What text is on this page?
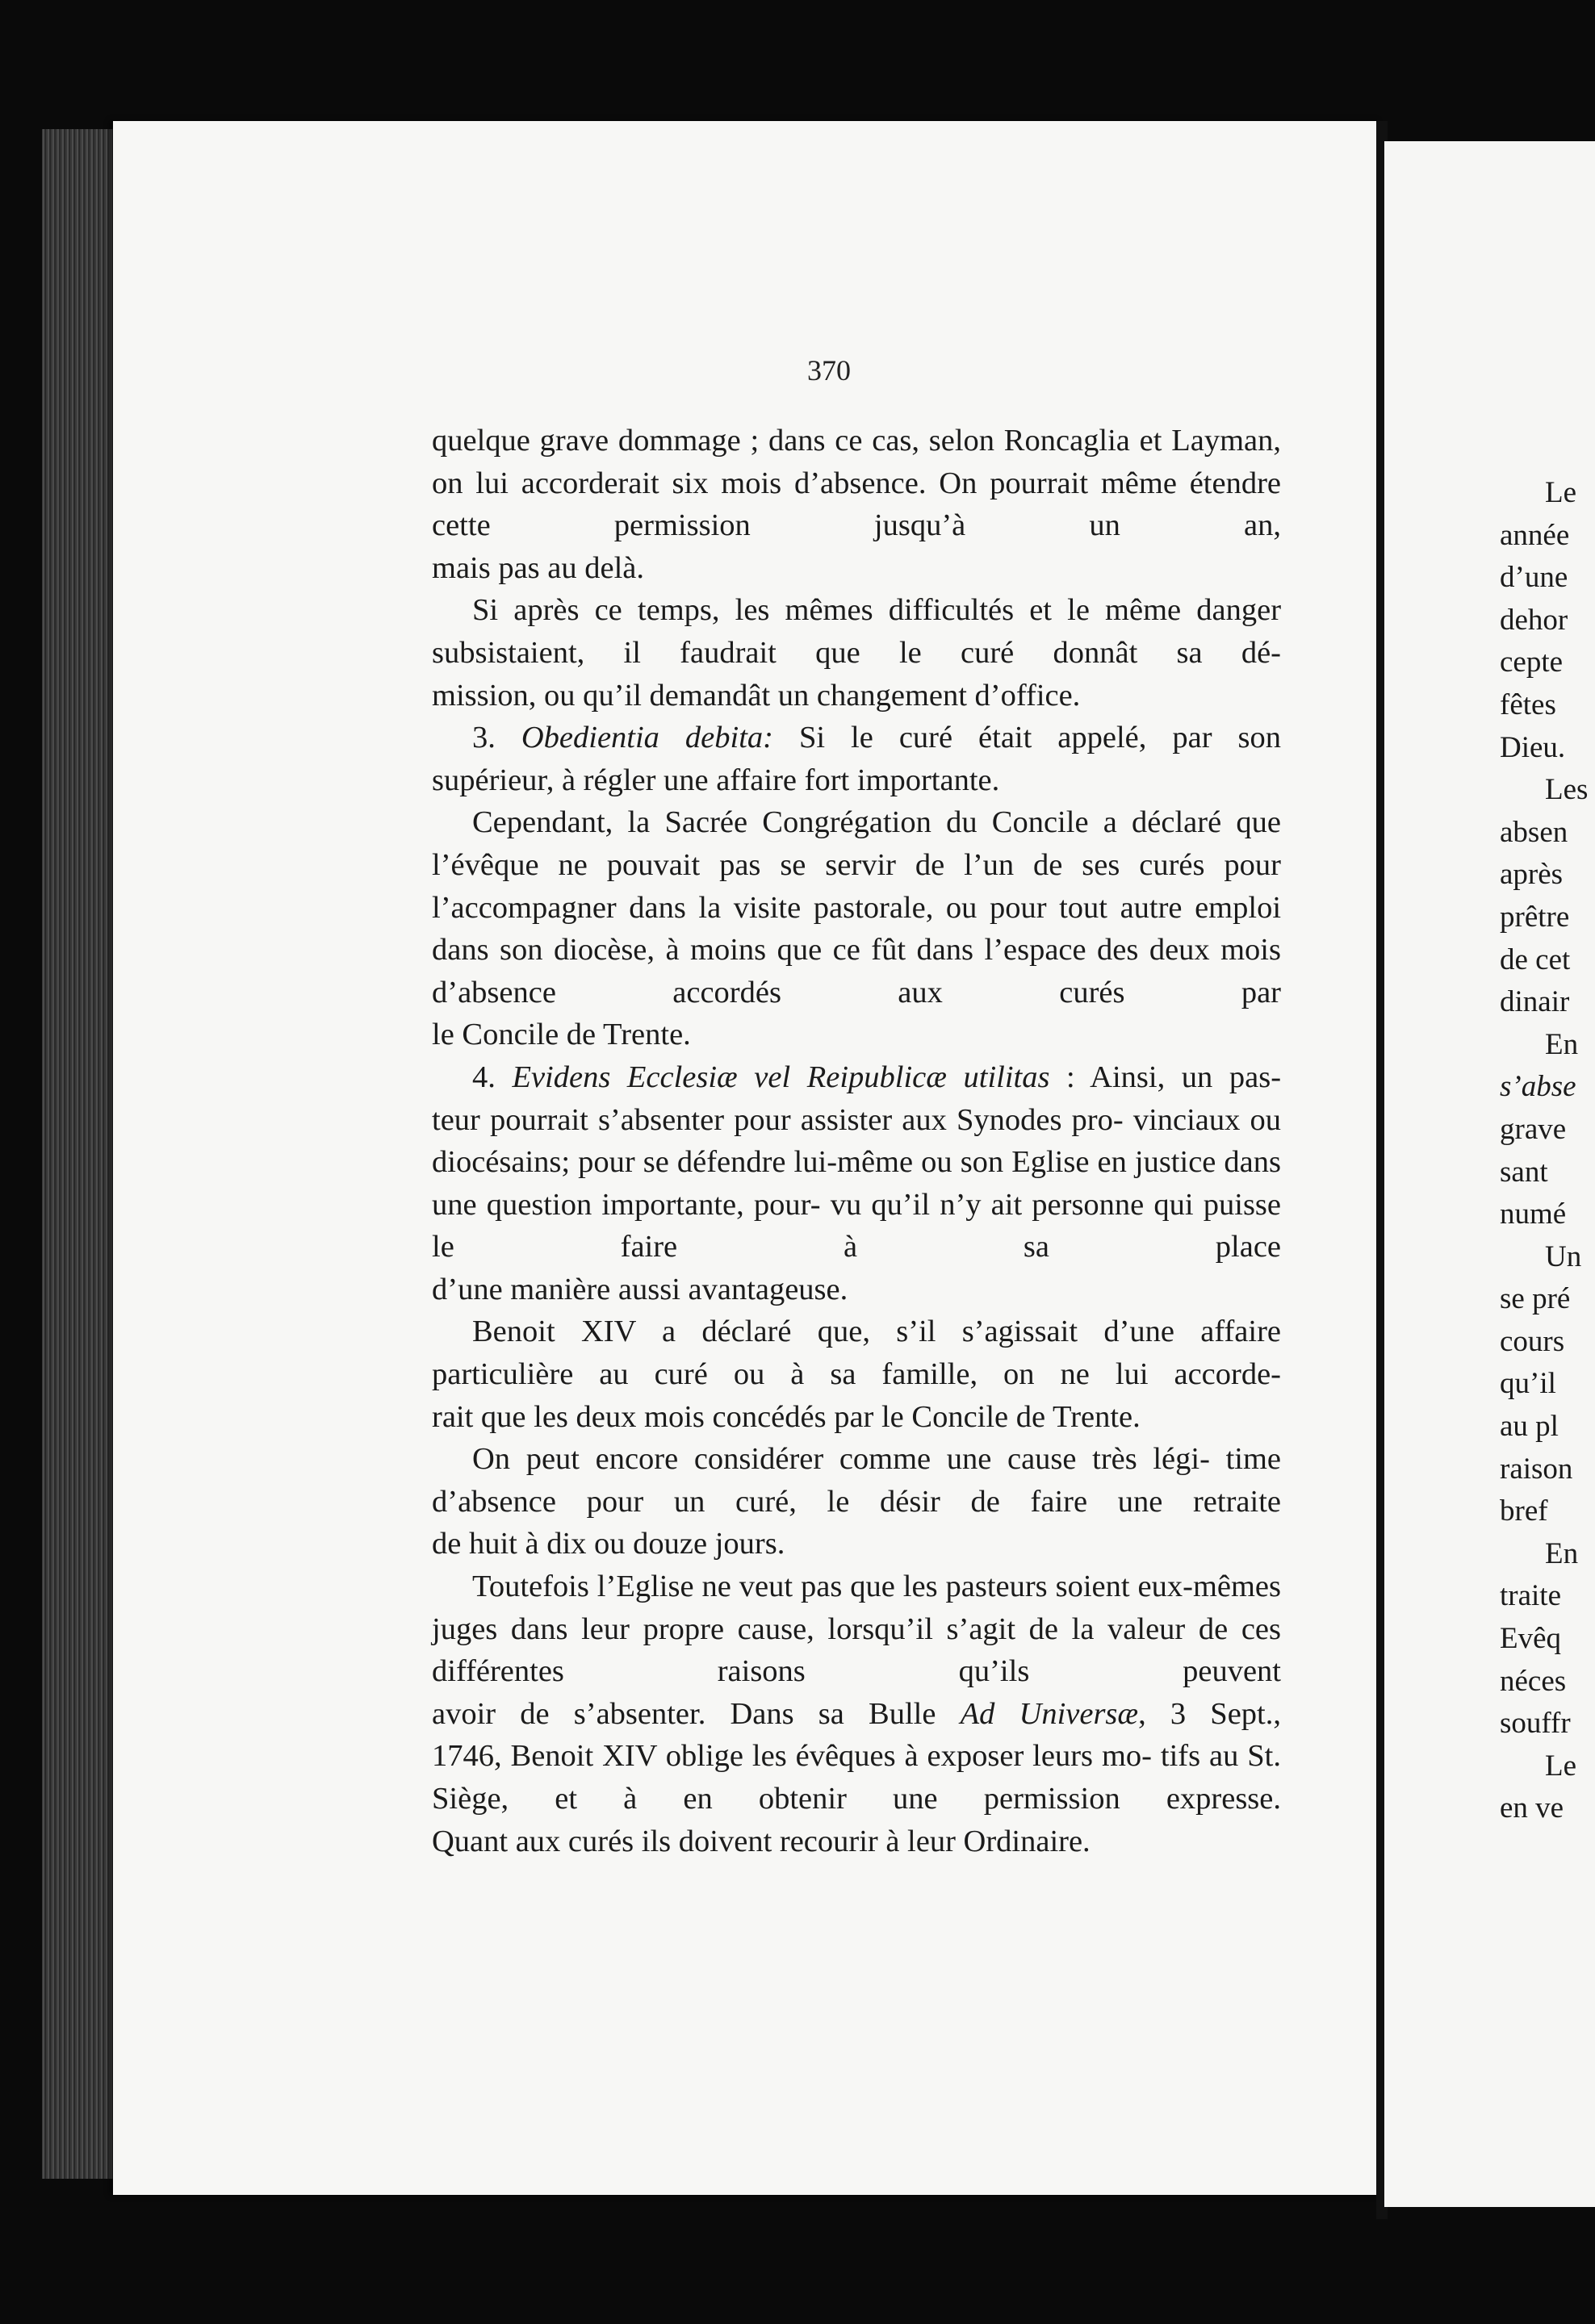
370

quelque grave dommage ; dans ce cas, selon Roncaglia et Layman, on lui accorderait six mois d’absence. On pourrait même étendre cette permission jusqu’à un an,

mais pas au delà.

Si après ce temps, les mêmes difficultés et le même danger subsistaient, il faudrait que le curé donnât sa dé-

mission, ou qu’il demandât un changement d’office.

3. Obedientia debita: Si le curé était appelé, par son

supérieur, à régler une affaire fort importante.

Cependant, la Sacrée Congrégation du Concile a déclaré que l’évêque ne pouvait pas se servir de l’un de ses curés pour l’accompagner dans la visite pastorale, ou pour tout autre emploi dans son diocèse, à moins que ce fût dans l’espace des deux mois d’absence accordés aux curés par

le Concile de Trente.

4. Evidens Ecclesiæ vel Reipublicæ utilitas : Ainsi, un pas-

teur pourrait s’absenter pour assister aux Synodes pro- vinciaux ou diocésains; pour se défendre lui-même ou son Eglise en justice dans une question importante, pour- vu qu’il n’y ait personne qui puisse le faire à sa place

d’une manière aussi avantageuse.

Benoit XIV a déclaré que, s’il s’agissait d’une affaire particulière au curé ou à sa famille, on ne lui accorde-

rait que les deux mois concédés par le Concile de Trente.

On peut encore considérer comme une cause très légi- time d’absence pour un curé, le désir de faire une retraite

de huit à dix ou douze jours.

Toutefois l’Eglise ne veut pas que les pasteurs soient eux-mêmes juges dans leur propre cause, lorsqu’il s’agit de la valeur de ces différentes raisons qu’ils peuvent

avoir de s’absenter. Dans sa Bulle Ad Universæ, 3 Sept.,

1746, Benoit XIV oblige les évêques à exposer leurs mo- tifs au St. Siège, et à en obtenir une permission expresse.

Quant aux curés ils doivent recourir à leur Ordinaire.

Le
année
d’une
dehor
cepte
fêtes
Dieu.
Les
absen
après
prêtre
de cet
dinair
En
s’abse
grave
sant
numé
Un
se pré
cours
qu’il
au pl
raison
bref
En
traite
Evêq
néces
souffr
Le
en ve
